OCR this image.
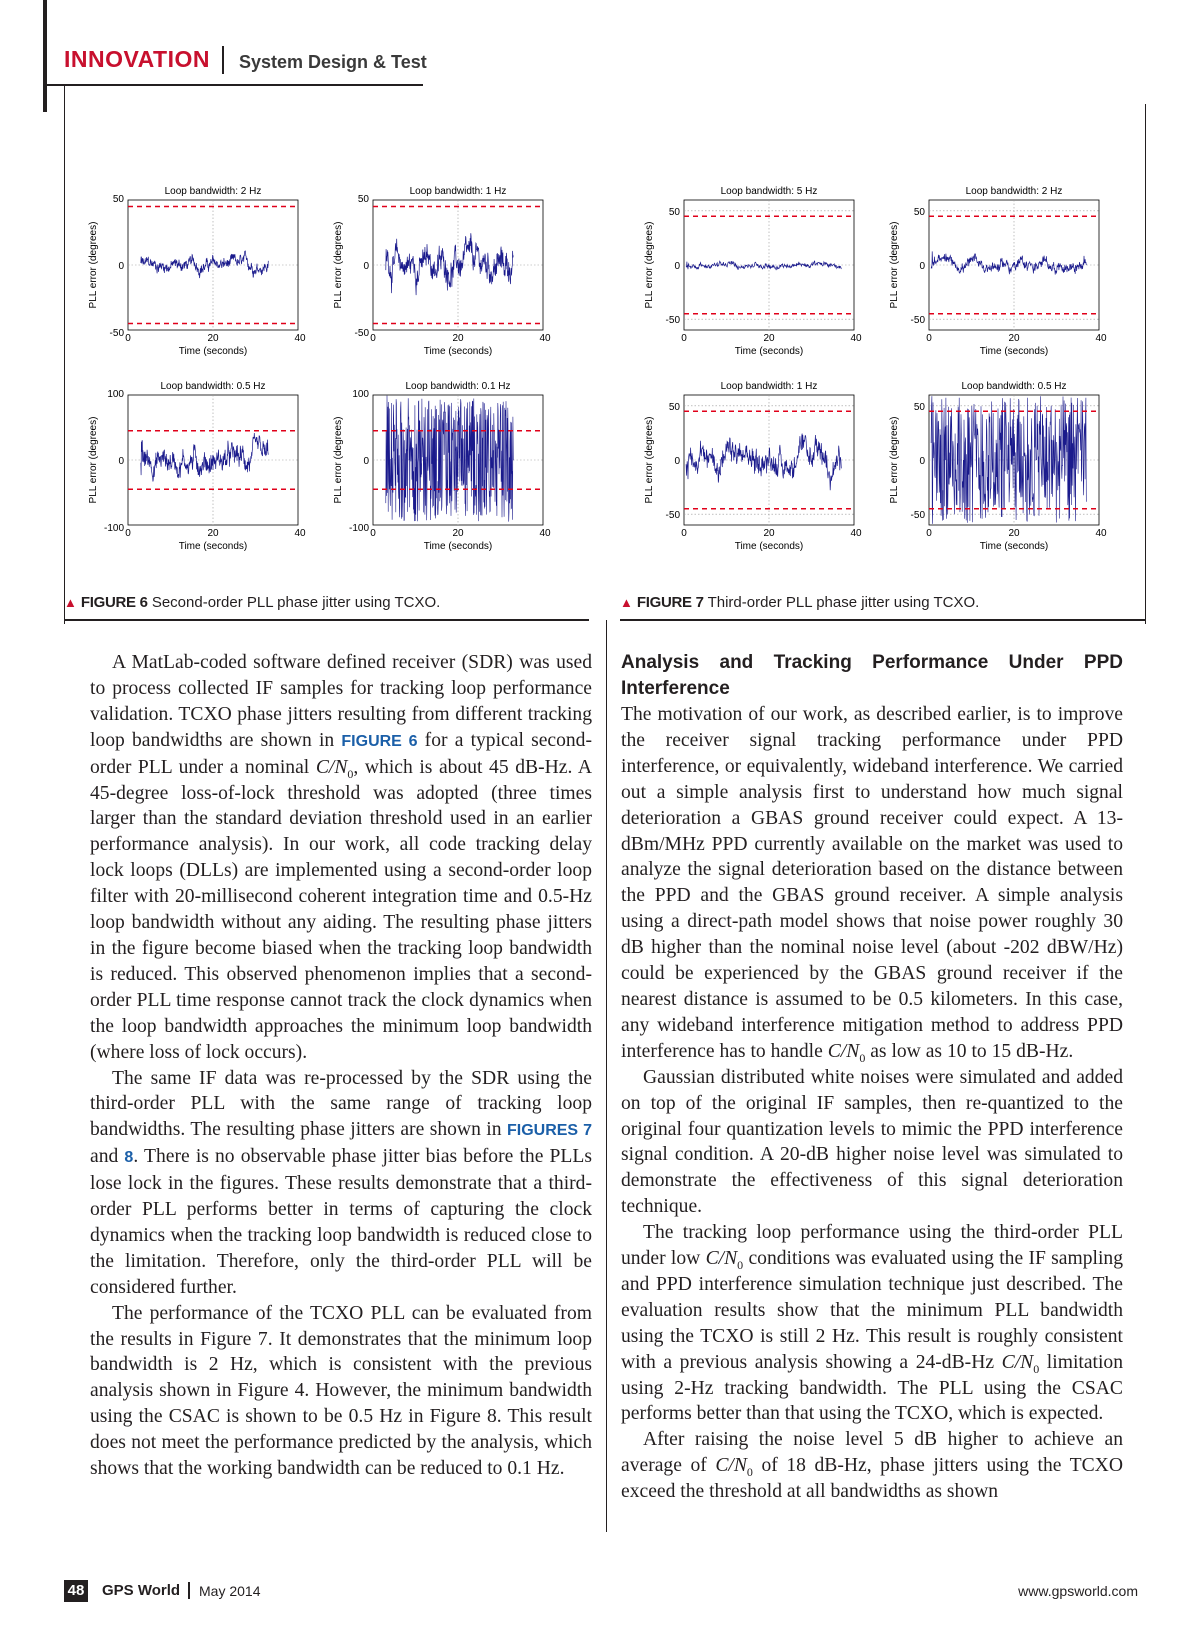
INNOVATION System Design & Test
Loop bandwidth: 2 Hz
0	20	40
-50
0
50
Time (seconds)
PLL error (degrees)
Loop bandwidth: 1 Hz
0	20	40
-50
0
50
Time (seconds)
PLL error (degrees)
Loop bandwidth: 0.5 Hz
0	20	40
-100
0
100
Time (seconds)
PLL error (degrees)
Loop bandwidth: 0.1 Hz
0	20	40
-100
0
100
Time (seconds)
PLL error (degrees)
Loop bandwidth: 5 Hz
0	20	40
-50
0
50
Time (seconds)
PLL error (degrees)
Loop bandwidth: 2 Hz
0	20	40
-50
0
50
Time (seconds)
PLL error (degrees)
Loop bandwidth: 1 Hz
0	20	40
-50
0
50
Time (seconds)
PLL error (degrees)
Loop bandwidth: 0.5 Hz
0	20	40
-50
0
50
Time (seconds)
PLL error (degrees)
▲ FIGURE 6 Second-order PLL phase jitter using TCXO.	▲ FIGURE 7 Third-order PLL phase jitter using TCXO.

A MatLab-coded software defined receiver (SDR) was used to process collected IF samples for tracking loop performance validation. TCXO phase jitters resulting from different tracking loop bandwidths are shown in FIGURE 6 for a typical second-order PLL under a nominal $C/N_0$, which is about 45 dB-Hz. A 45-degree loss-of-lock threshold was adopted (three times larger than the standard deviation threshold used in an earlier performance analysis). In our work, all code tracking delay lock loops (DLLs) are implemented using a second-order loop filter with 20-millisecond coherent integration time and 0.5-Hz loop bandwidth without any aiding. The resulting phase jitters in the figure become biased when the tracking loop bandwidth is reduced. This observed phenomenon implies that a second-order PLL time response cannot track the clock dynamics when the loop bandwidth approaches the minimum loop bandwidth (where loss of lock occurs).

The same IF data was re-processed by the SDR using the third-order PLL with the same range of tracking loop bandwidths. The resulting phase jitters are shown in FIGURES 7 and 8. There is no observable phase jitter bias before the PLLs lose lock in the figures. These results demonstrate that a third-order PLL performs better in terms of capturing the clock dynamics when the tracking loop bandwidth is reduced close to the limitation. Therefore, only the third-order PLL will be considered further.

The performance of the TCXO PLL can be evaluated from the results in Figure 7. It demonstrates that the minimum loop bandwidth is 2 Hz, which is consistent with the previous analysis shown in Figure 4. However, the minimum bandwidth using the CSAC is shown to be 0.5 Hz in Figure 8. This result does not meet the performance predicted by the analysis, which shows that the working bandwidth can be reduced to 0.1 Hz.

Analysis and Tracking Performance Under PPD Interference

The motivation of our work, as described earlier, is to improve the receiver signal tracking performance under PPD interference, or equivalently, wideband interference. We carried out a simple analysis first to understand how much signal deterioration a GBAS ground receiver could expect. A 13-dBm/MHz PPD currently available on the market was used to analyze the signal deterioration based on the distance between the PPD and the GBAS ground receiver. A simple analysis using a direct-path model shows that noise power roughly 30 dB higher than the nominal noise level (about -202 dBW/Hz) could be experienced by the GBAS ground receiver if the nearest distance is assumed to be 0.5 kilometers. In this case, any wideband interference mitigation method to address PPD interference has to handle $C/N_0$ as low as 10 to 15 dB-Hz.

Gaussian distributed white noises were simulated and added on top of the original IF samples, then re-quantized to the original four quantization levels to mimic the PPD interference signal condition. A 20-dB higher noise level was simulated to demonstrate the effectiveness of this signal deterioration technique.

The tracking loop performance using the third-order PLL under low $C/N_0$ conditions was evaluated using the IF sampling and PPD interference simulation technique just described. The evaluation results show that the minimum PLL bandwidth using the TCXO is still 2 Hz. This result is roughly consistent with a previous analysis showing a 24-dB-Hz $C/N_0$ limitation using 2-Hz tracking bandwidth. The PLL using the CSAC performs better than that using the TCXO, which is expected.

After raising the noise level 5 dB higher to achieve an average of $C/N_0$ of 18 dB-Hz, phase jitters using the TCXO exceed the threshold at all bandwidths as shown

48 GPS World May 2014	www.gpsworld.com
